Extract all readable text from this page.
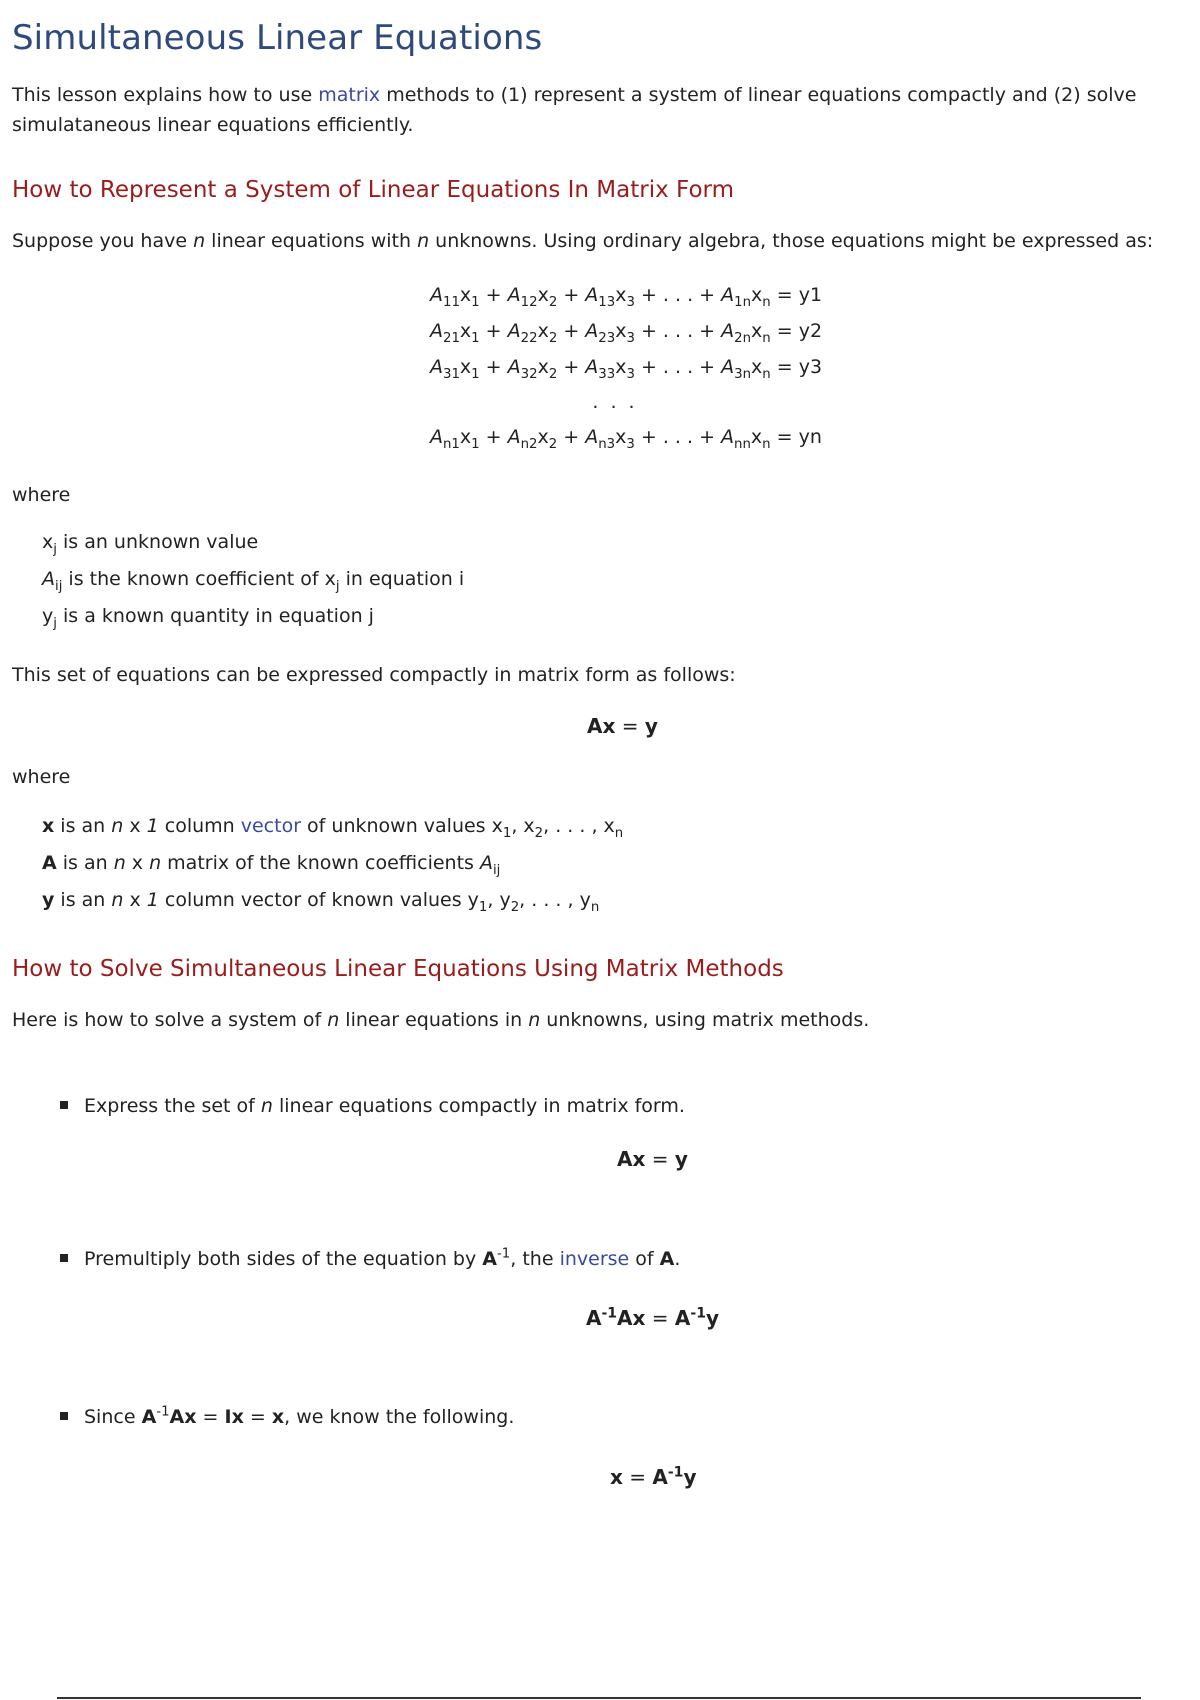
Simultaneous Linear Equations

This lesson explains how to use matrix methods to (1) represent a system of linear equations compactly and (2) solve simulataneous linear equations efficiently.

How to Represent a System of Linear Equations In Matrix Form

Suppose you have n linear equations with n unknowns. Using ordinary algebra, those equations might be expressed as:

$A_{11}x_1 + A_{12}x_2 + A_{13}x_3$ + . . . + $A_{1n}x_n = y1$
$A_{21}x_1 + A_{22}x_2 + A_{23}x_3$ + . . . + $A_{2n}x_n = y2$
$A_{31}x_1 + A_{32}x_2 + A_{33}x_3$ + . . . + $A_{3n}x_n = y3$
. . .
$A_{n1}x_1 + A_{n2}x_2 + A_{n3}x_3$ + . . . + $A_{nn}x_n$ = yn

where

$x_j$ is an unknown value
$A_{ij}$ is the known coefficient of $x_j$ in equation i
$y_j$ is a known quantity in equation j

This set of equations can be expressed compactly in matrix form as follows:

Ax = y

where

x is an n x 1 column vector of unknown values $x_1$, $x_2$, . . . , $x_n$
A is an n x n matrix of the known coefficients $A_{ij}$
y is an n x 1 column vector of known values $y_1$, $y_2$, . . . , $y_n$
How to Solve Simultaneous Linear Equations Using Matrix Methods

Here is how to solve a system of n linear equations in n unknowns, using matrix methods.

Express the set of n linear equations compactly in matrix form.
Ax = y
Premultiply both sides of the equation by $A^{-1}$, the inverse of A.
$A^{-1}Ax = A^{-1}y$
Since $A^{-1}Ax = Ix = x$, we know the following.
$x = A^{-1}y$
